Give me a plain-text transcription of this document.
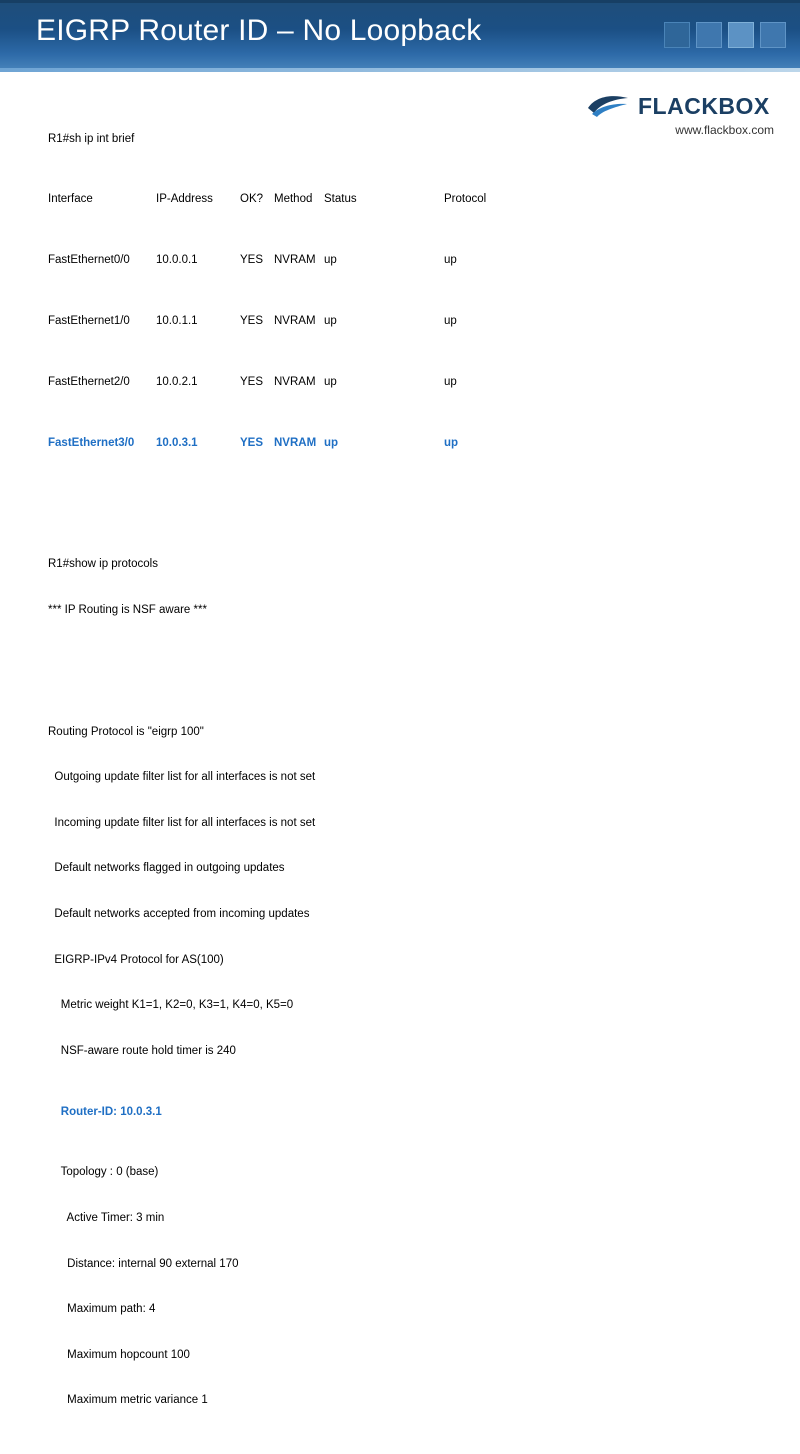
EIGRP Router ID – No Loopback
FLACKBOX
www.flackbox.com

R1#sh ip int brief

Interface	IP-Address OK? Method Status	Protocol

FastEthernet0/0 10.0.0.1	YES NVRAM up	up

FastEthernet1/0 10.0.1.1	YES NVRAM up	up

FastEthernet2/0 10.0.2.1	YES NVRAM up	up

FastEthernet3/0 10.0.3.1	YES NVRAM up	up

R1#show ip protocols

*** IP Routing is NSF aware ***

Routing Protocol is "eigrp 100"

Outgoing update filter list for all interfaces is not set

Incoming update filter list for all interfaces is not set

Default networks flagged in outgoing updates

Default networks accepted from incoming updates

EIGRP-IPv4 Protocol for AS(100)

Metric weight K1=1, K2=0, K3=1, K4=0, K5=0

NSF-aware route hold timer is 240

Router-ID: 10.0.3.1

Topology : 0 (base)

Active Timer: 3 min

Distance: internal 90 external 170

Maximum path: 4

Maximum hopcount 100

Maximum metric variance 1
